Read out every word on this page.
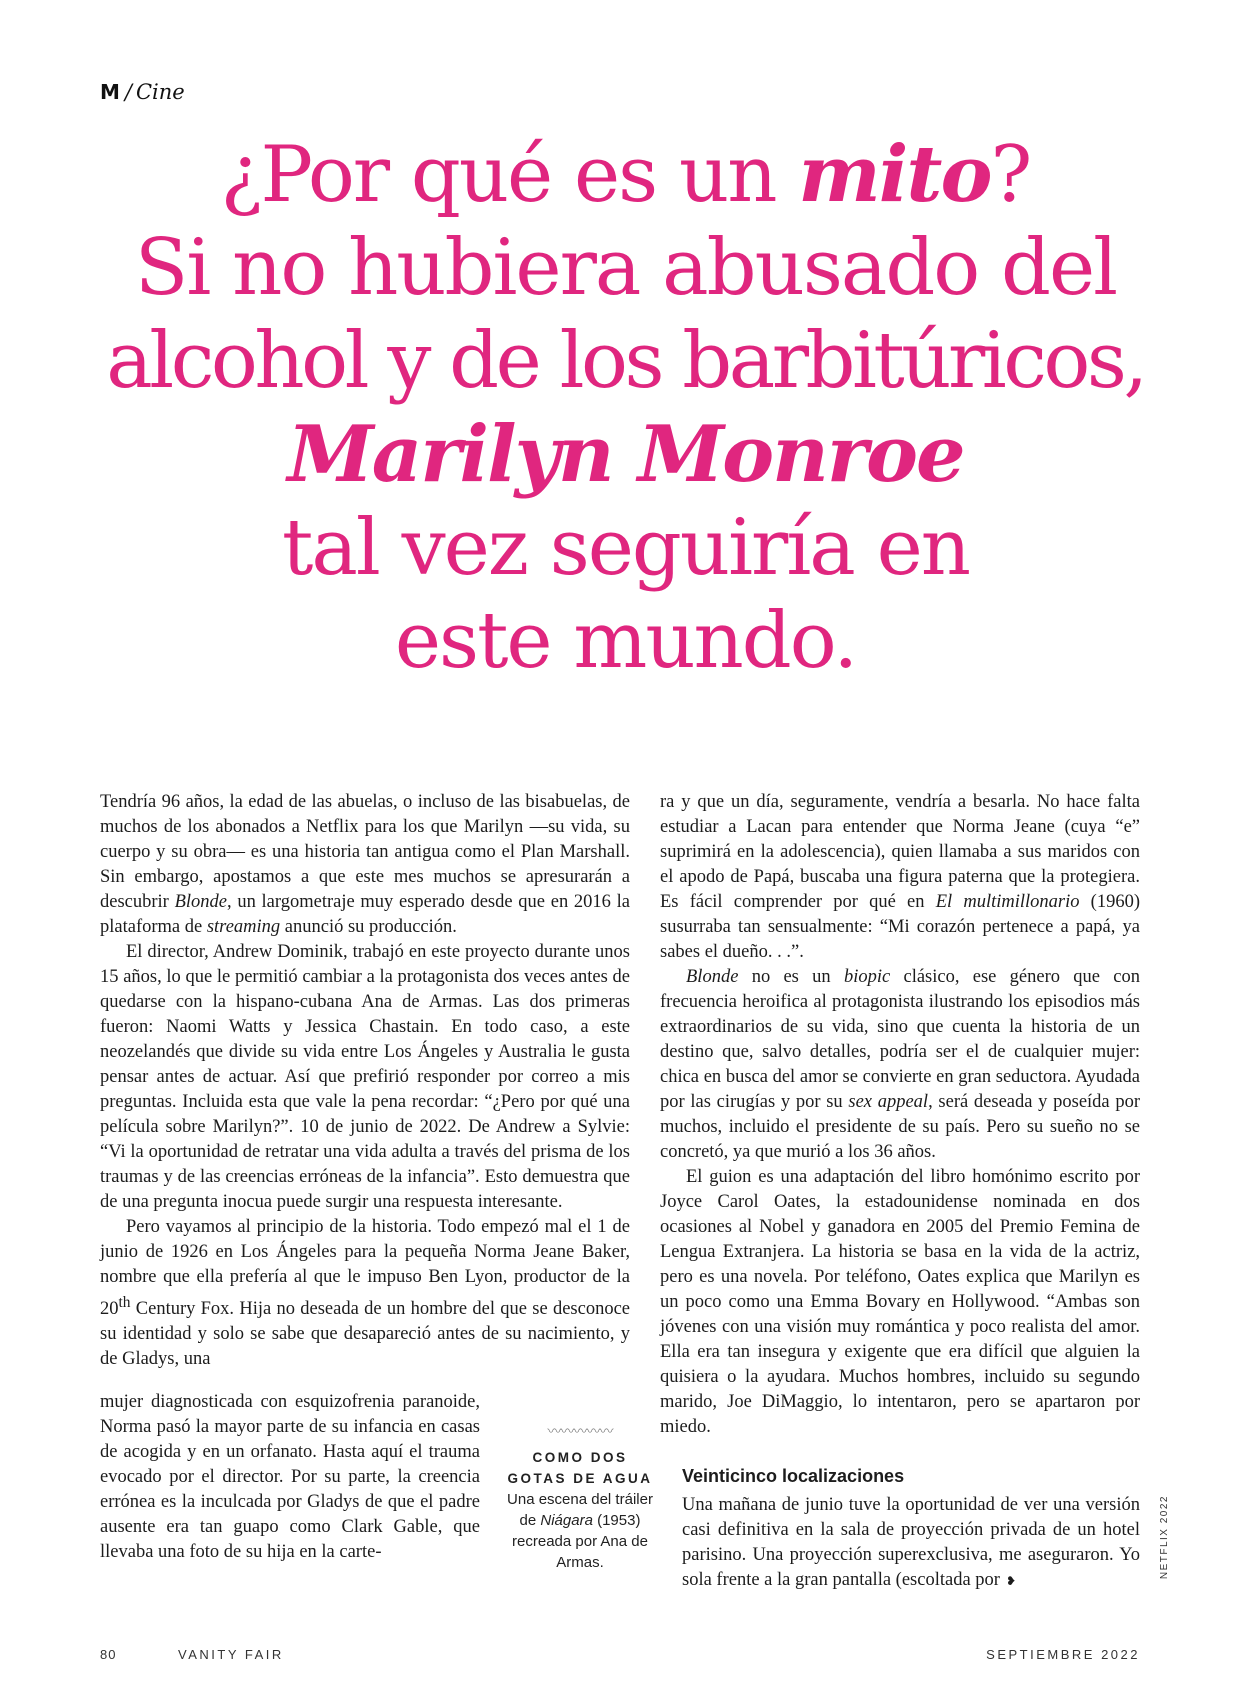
M / Cine
¿Por qué es un mito?
Si no hubiera abusado del
alcohol y de los barbitúricos,
Marilyn Monroe
tal vez seguiría en
este mundo.

Tendría 96 años, la edad de las abuelas, o incluso de las bisabuelas, de muchos de los abonados a Netflix para los que Marilyn —su vida, su cuerpo y su obra— es una historia tan antigua como el Plan Marshall. Sin embargo, apostamos a que este mes muchos se apresurarán a descubrir Blonde, un largometraje muy esperado desde que en 2016 la plataforma de streaming anunció su producción.

El director, Andrew Dominik, trabajó en este proyecto durante unos 15 años, lo que le permitió cambiar a la protagonista dos veces antes de quedarse con la hispano-cubana Ana de Armas. Las dos primeras fueron: Naomi Watts y Jessica Chastain. En todo caso, a este neozelandés que divide su vida entre Los Ángeles y Australia le gusta pensar antes de actuar. Así que prefirió responder por correo a mis preguntas. Incluida esta que vale la pena recordar: “¿Pero por qué una película sobre Marilyn?”. 10 de junio de 2022. De Andrew a Sylvie: “Vi la oportunidad de retratar una vida adulta a través del prisma de los traumas y de las creencias erróneas de la infancia”. Esto demuestra que de una pregunta inocua puede surgir una respuesta interesante.

Pero vayamos al principio de la historia. Todo empezó mal el 1 de junio de 1926 en Los Ángeles para la pequeña Norma Jeane Baker, nombre que ella prefería al que le impuso Ben Lyon, productor de la 20th Century Fox. Hija no deseada de un hombre del que se desconoce su identidad y solo se sabe que desapareció antes de su nacimiento, y de Gladys, una

mujer diagnosticada con esquizofrenia paranoide, Norma pasó la mayor parte de su infancia en casas de acogida y en un orfanato. Hasta aquí el trauma evocado por el director. Por su parte, la creencia errónea es la inculcada por Gladys de que el padre ausente era tan guapo como Clark Gable, que llevaba una foto de su hija en la carte-

ra y que un día, seguramente, vendría a besarla. No hace falta estudiar a Lacan para entender que Norma Jeane (cuya “e” suprimirá en la adolescencia), quien llamaba a sus maridos con el apodo de Papá, buscaba una figura paterna que la protegiera. Es fácil comprender por qué en El multimillonario (1960) susurraba tan sensualmente: “Mi corazón pertenece a papá, ya sabes el dueño. . .”.

Blonde no es un biopic clásico, ese género que con frecuencia heroifica al protagonista ilustrando los episodios más extraordinarios de su vida, sino que cuenta la historia de un destino que, salvo detalles, podría ser el de cualquier mujer: chica en busca del amor se convierte en gran seductora. Ayudada por las cirugías y por su sex appeal, será deseada y poseída por muchos, incluido el presidente de su país. Pero su sueño no se concretó, ya que murió a los 36 años.

El guion es una adaptación del libro homónimo escrito por Joyce Carol Oates, la estadounidense nominada en dos ocasiones al Nobel y ganadora en 2005 del Premio Femina de Lengua Extranjera. La historia se basa en la vida de la actriz, pero es una novela. Por teléfono, Oates explica que Marilyn es un poco como una Emma Bovary en Hollywood. “Ambas son jóvenes con una visión muy romántica y poco realista del amor. Ella era tan insegura y exigente que era difícil que alguien la quisiera o la ayudara. Muchos hombres, incluido su segundo marido, Joe DiMaggio, lo intentaron, pero se apartaron por miedo.

Veinticinco localizaciones

Una mañana de junio tuve la oportunidad de ver una versión casi definitiva en la sala de proyección privada de un hotel parisino. Una proyección superexclusiva, me aseguraron. Yo sola frente a la gran pantalla (escoltada por ❥

〰〰〰〰〰
COMO DOS
GOTAS DE AGUA
Una escena del tráiler de Niágara (1953) recreada por Ana de Armas.	NETFLIX 2022
80	VANITY FAIR	SEPTIEMBRE 2022
